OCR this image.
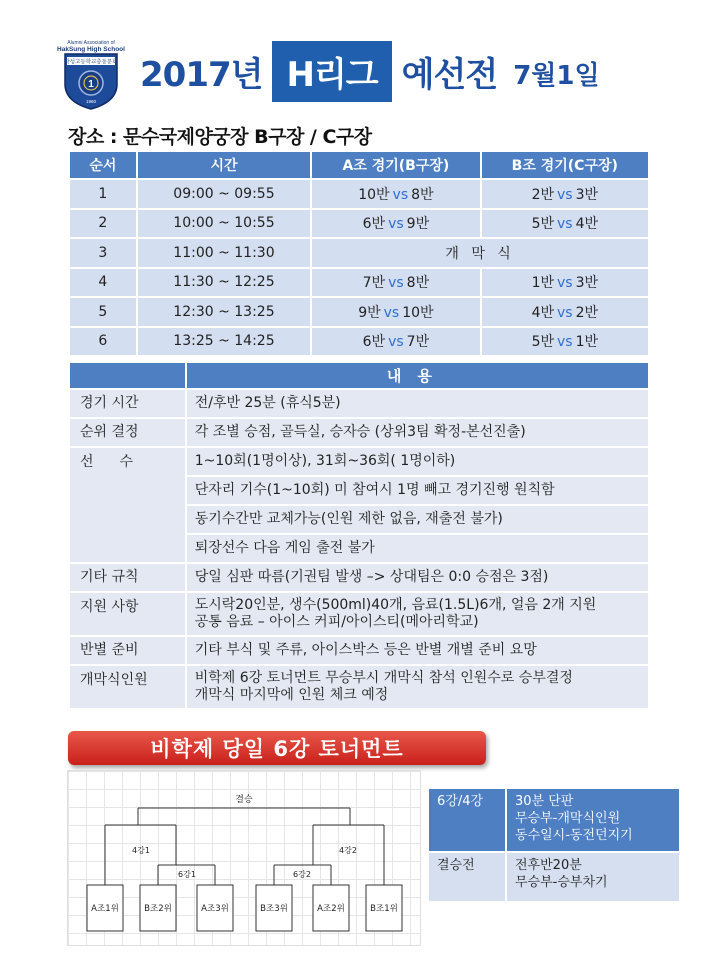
Alumni Association of
HakSung High School
학성고등학교총동문회
1
1960
2017년 H리그 예선전 7월1일
장소 : 문수국제양궁장 B구장 / C구장
순서	시간	A조 경기(B구장)	B조 경기(C구장)
1	09:00 ~ 09:55	10반 vs 8반	2반 vs 3반
2	10:00 ~ 10:55	6반 vs 9반	5반 vs 4반
3	11:00 ~ 11:30	개 막 식	
4	11:30 ~ 12:25	7반 vs 8반	1반 vs 3반
5	12:30 ~ 13:25	9반 vs 10반	4반 vs 2반
6	13:25 ~ 14:25	6반 vs 7반	5반 vs 1반
	내용
경기 시간	전/후반 25분 (휴식5분)
순위 결정	각 조별 승점, 골득실, 승자승 (상위3팀 확정-본선진출)
선수	1~10회(1명이상), 31회~36회( 1명이하)
	단자리 기수(1~10회) 미 참여시 1명 빼고 경기진행 원칙함
	동기수간만 교체가능(인원 제한 없음, 재출전 불가)
	퇴장선수 다음 게임 출전 불가
기타 규칙	당일 심판 따름(기권팀 발생 –> 상대팀은 0:0 승점은 3점)
지원 사항	도시락20인분, 생수(500ml)40개, 음료(1.5L)6개, 얼음 2개 지원
공통 음료 – 아이스 커피/아이스티(메아리학교)

반별 준비	기타 부식 및 주류, 아이스박스 등은 반별 개별 준비 요망
개막식인원	비학제 6강 토너먼트 무승부시 개막식 참석 인원수로 승부결정
개막식 마지막에 인원 체크 예정
비학제 당일 6강 토너먼트
결승
4강1	4강2
6강1	6강2
A조1위	B조2위	A조3위	B조3위	A조2위	B조1위
6강/4강	30분 단판
무승부-개막식인원
동수일시-동전던지기

결승전	전후반20분
무승부-승부차기
